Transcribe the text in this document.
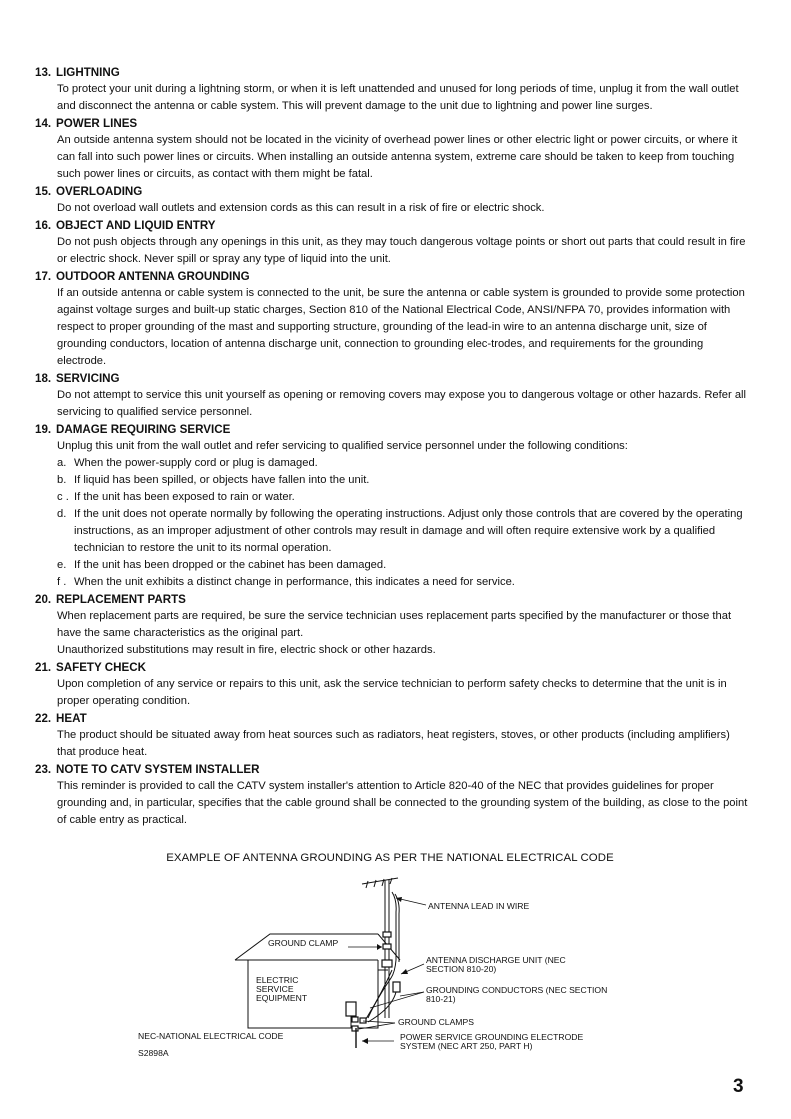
13. LIGHTNING

To protect your unit during a lightning storm, or when it is left unattended and unused for long periods of time, unplug it from the wall outlet and disconnect the antenna or cable system. This will prevent damage to the unit due to lightning and power line surges.

14. POWER LINES

An outside antenna system should not be located in the vicinity of overhead power lines or other electric light or power circuits, or where it can fall into such power lines or circuits. When installing an outside antenna system, extreme care should be taken to keep from touching such power lines or circuits, as contact with them might be fatal.

15. OVERLOADING

Do not overload wall outlets and extension cords as this can result in a risk of fire or electric shock.

16. OBJECT AND LIQUID ENTRY

Do not push objects through any openings in this unit, as they may touch dangerous voltage points or short out parts that could result in fire or electric shock. Never spill or spray any type of liquid into the unit.

17. OUTDOOR ANTENNA GROUNDING

If an outside antenna or cable system is connected to the unit, be sure the antenna or cable system is grounded to provide some protection against voltage surges and built-up static charges, Section 810 of the National Electrical Code, ANSI/NFPA 70, provides information with respect to proper grounding of the mast and supporting structure, grounding of the lead-in wire to an antenna discharge unit, size of grounding conductors, location of antenna discharge unit, connection to grounding elec-trodes, and requirements for the grounding electrode.

18. SERVICING

Do not attempt to service this unit yourself as opening or removing covers may expose you to dangerous voltage or other hazards. Refer all servicing to qualified service personnel.

19. DAMAGE REQUIRING SERVICE

Unplug this unit from the wall outlet and refer servicing to qualified service personnel under the following conditions:

a. When the power-supply cord or plug is damaged.
b. If liquid has been spilled, or objects have fallen into the unit.
c . If the unit has been exposed to rain or water.
d. If the unit does not operate normally by following the operating instructions. Adjust only those controls that are covered by the operating instructions, as an improper adjustment of other controls may result in damage and will often require extensive work by a qualified technician to restore the unit to its normal operation.
e. If the unit has been dropped or the cabinet has been damaged.
f . When the unit exhibits a distinct change in performance, this indicates a need for service.
20. REPLACEMENT PARTS

When replacement parts are required, be sure the service technician uses replacement parts specified by the manufacturer or those that have the same characteristics as the original part.

Unauthorized substitutions may result in fire, electric shock or other hazards.

21. SAFETY CHECK

Upon completion of any service or repairs to this unit, ask the service technician to perform safety checks to determine that the unit is in proper operating condition.

22. HEAT

The product should be situated away from heat sources such as radiators, heat registers, stoves, or other products (including amplifiers) that produce heat.

23. NOTE TO CATV SYSTEM INSTALLER

This reminder is provided to call the CATV system installer's attention to Article 820-40 of the NEC that provides guidelines for proper grounding and, in particular, specifies that the cable ground shall be connected to the grounding system of the building, as close to the point of cable entry as practical.

EXAMPLE OF ANTENNA GROUNDING AS PER THE NATIONAL ELECTRICAL CODE
ANTENNA LEAD IN WIRE
GROUND CLAMP
ANTENNA DISCHARGE UNIT (NEC
SECTION 810-20)
ELECTRIC
SERVICE
EQUIPMENT
GROUNDING CONDUCTORS (NEC SECTION
810-21)
GROUND CLAMPS
POWER SERVICE GROUNDING ELECTRODE
SYSTEM (NEC ART 250, PART H)
NEC-NATIONAL ELECTRICAL CODE
S2898A
3
